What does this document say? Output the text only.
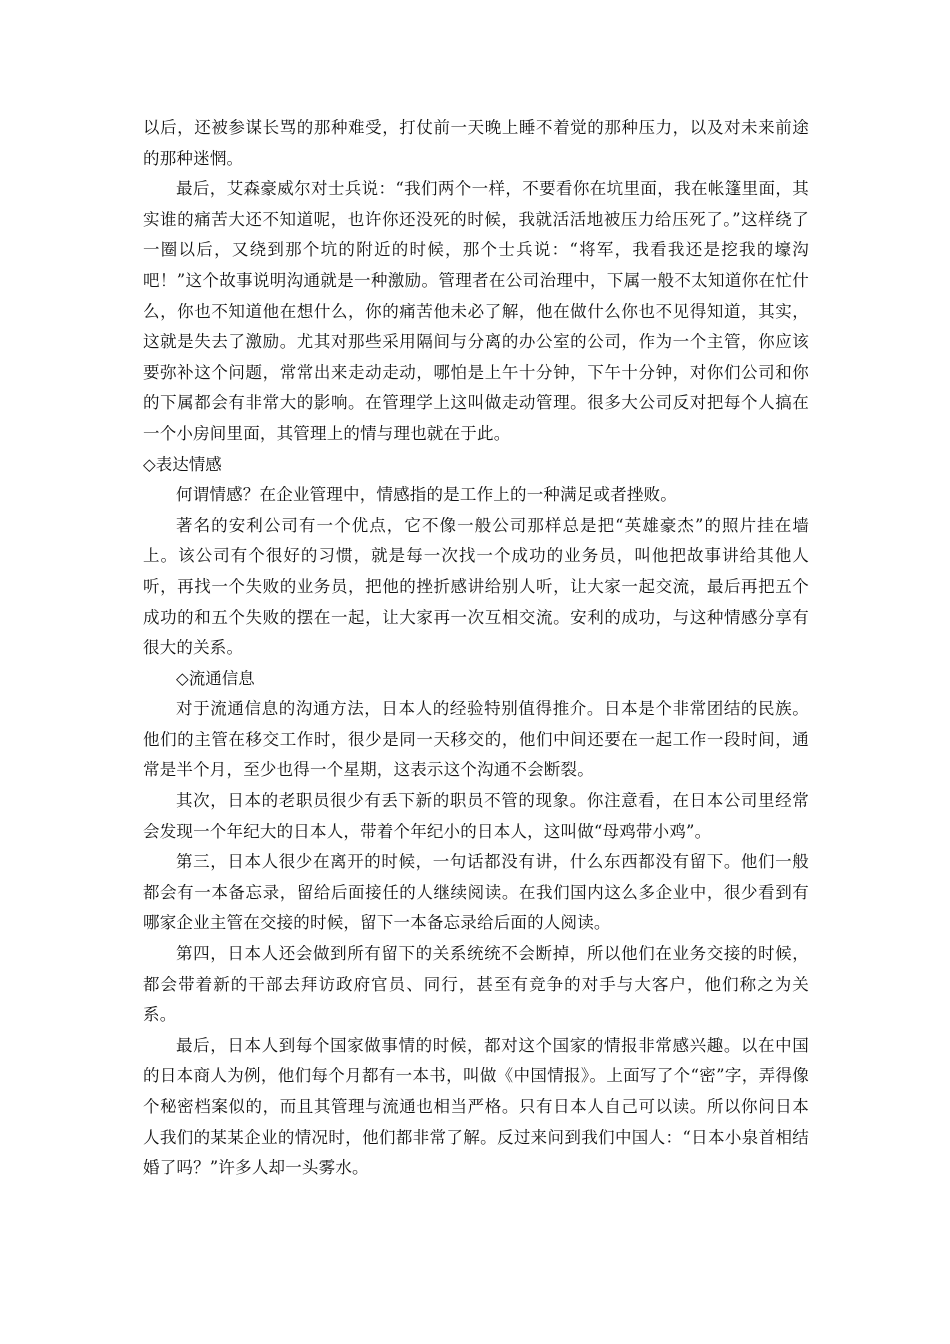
以后，还被参谋长骂的那种难受，打仗前一天晚上睡不着觉的那种压力，以及对未来前途的那种迷惘。

最后，艾森豪威尔对士兵说：“我们两个一样，不要看你在坑里面，我在帐篷里面，其实谁的痛苦大还不知道呢，也许你还没死的时候，我就活活地被压力给压死了。”这样绕了一圈以后，又绕到那个坑的附近的时候，那个士兵说：“将军，我看我还是挖我的壕沟吧！”这个故事说明沟通就是一种激励。管理者在公司治理中，下属一般不太知道你在忙什么，你也不知道他在想什么，你的痛苦他未必了解，他在做什么你也不见得知道，其实，这就是失去了激励。尤其对那些采用隔间与分离的办公室的公司，作为一个主管，你应该要弥补这个问题，常常出来走动走动，哪怕是上午十分钟，下午十分钟，对你们公司和你的下属都会有非常大的影响。在管理学上这叫做走动管理。很多大公司反对把每个人搞在一个小房间里面，其管理上的情与理也就在于此。

◇表达情感

何谓情感？在企业管理中，情感指的是工作上的一种满足或者挫败。

著名的安利公司有一个优点，它不像一般公司那样总是把“英雄豪杰”的照片挂在墙上。该公司有个很好的习惯，就是每一次找一个成功的业务员，叫他把故事讲给其他人听，再找一个失败的业务员，把他的挫折感讲给别人听，让大家一起交流，最后再把五个成功的和五个失败的摆在一起，让大家再一次互相交流。安利的成功，与这种情感分享有很大的关系。

◇流通信息

对于流通信息的沟通方法，日本人的经验特别值得推介。日本是个非常团结的民族。他们的主管在移交工作时，很少是同一天移交的，他们中间还要在一起工作一段时间，通常是半个月，至少也得一个星期，这表示这个沟通不会断裂。

其次，日本的老职员很少有丢下新的职员不管的现象。你注意看，在日本公司里经常会发现一个年纪大的日本人，带着个年纪小的日本人，这叫做“母鸡带小鸡”。

第三，日本人很少在离开的时候，一句话都没有讲，什么东西都没有留下。他们一般都会有一本备忘录，留给后面接任的人继续阅读。在我们国内这么多企业中，很少看到有哪家企业主管在交接的时候，留下一本备忘录给后面的人阅读。

第四，日本人还会做到所有留下的关系统统不会断掉，所以他们在业务交接的时候，都会带着新的干部去拜访政府官员、同行，甚至有竞争的对手与大客户，他们称之为关系。

最后，日本人到每个国家做事情的时候，都对这个国家的情报非常感兴趣。以在中国的日本商人为例，他们每个月都有一本书，叫做《中国情报》。上面写了个“密”字，弄得像个秘密档案似的，而且其管理与流通也相当严格。只有日本人自己可以读。所以你问日本人我们的某某企业的情况时，他们都非常了解。反过来问到我们中国人：“日本小泉首相结婚了吗？”许多人却一头雾水。
